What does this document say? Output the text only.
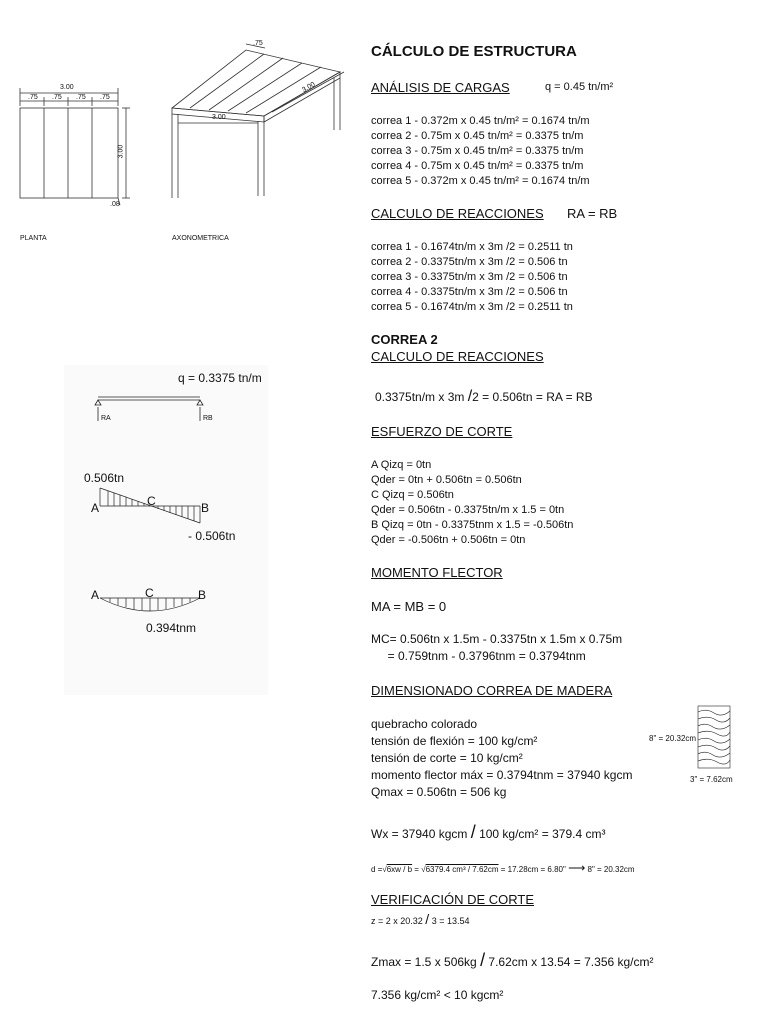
3.00
.75 .75 .75 .75
3.00
.08
.75
3.00
3.00
PLANTA	AXONOMETRICA
q = 0.3375 tn/m
RA	RB
0.506tn
A	C	B
- 0.506tn
A	C	B
0.394tnm
CÁLCULO DE ESTRUCTURA
ANÁLISIS DE CARGAS	q = 0.45 tn/m²
correa 1 - 0.372m x 0.45 tn/m² = 0.1674 tn/m
correa 2 - 0.75m x 0.45 tn/m² = 0.3375 tn/m
correa 3 - 0.75m x 0.45 tn/m² = 0.3375 tn/m
correa 4 - 0.75m x 0.45 tn/m² = 0.3375 tn/m
correa 5 - 0.372m x 0.45 tn/m² = 0.1674 tn/m
CALCULO DE REACCIONES RA = RB
correa 1 - 0.1674tn/m x 3m /2 = 0.2511 tn
correa 2 - 0.3375tn/m x 3m /2 = 0.506 tn
correa 3 - 0.3375tn/m x 3m /2 = 0.506 tn
correa 4 - 0.3375tn/m x 3m /2 = 0.506 tn
correa 5 - 0.1674tn/m x 3m /2 = 0.2511 tn
CORREA 2
CALCULO DE REACCIONES
0.3375tn/m x 3m /2 = 0.506tn = RA = RB
ESFUERZO DE CORTE
A Qizq = 0tn
Qder = 0tn + 0.506tn = 0.506tn
C Qizq = 0.506tn
Qder = 0.506tn - 0.3375tn/m x 1.5 = 0tn
B Qizq = 0tn - 0.3375tnm x 1.5 = -0.506tn
Qder = -0.506tn + 0.506tn = 0tn
MOMENTO FLECTOR
MA = MB = 0
MC= 0.506tn x 1.5m - 0.3375tn x 1.5m x 0.75m
= 0.759tnm - 0.3796tnm = 0.3794tnm
DIMENSIONADO CORREA DE MADERA
quebracho colorado
tensión de flexión = 100 kg/cm²
tensión de corte = 10 kg/cm²
momento flector máx = 0.3794tnm = 37940 kgcm
Qmax = 0.506tn = 506 kg
8" = 20.32cm
3" = 7.62cm
Wx = 37940 kgcm / 100 kg/cm² = 379.4 cm³
d =√6xw / b = √6379.4 cm³ / 7.62cm = 17.28cm = 6.80" ⟶ 8" = 20.32cm
VERIFICACIÓN DE CORTE
z = 2 x 20.32 / 3 = 13.54
Zmax = 1.5 x 506kg / 7.62cm x 13.54 = 7.356 kg/cm²
7.356 kg/cm² < 10 kgcm²
